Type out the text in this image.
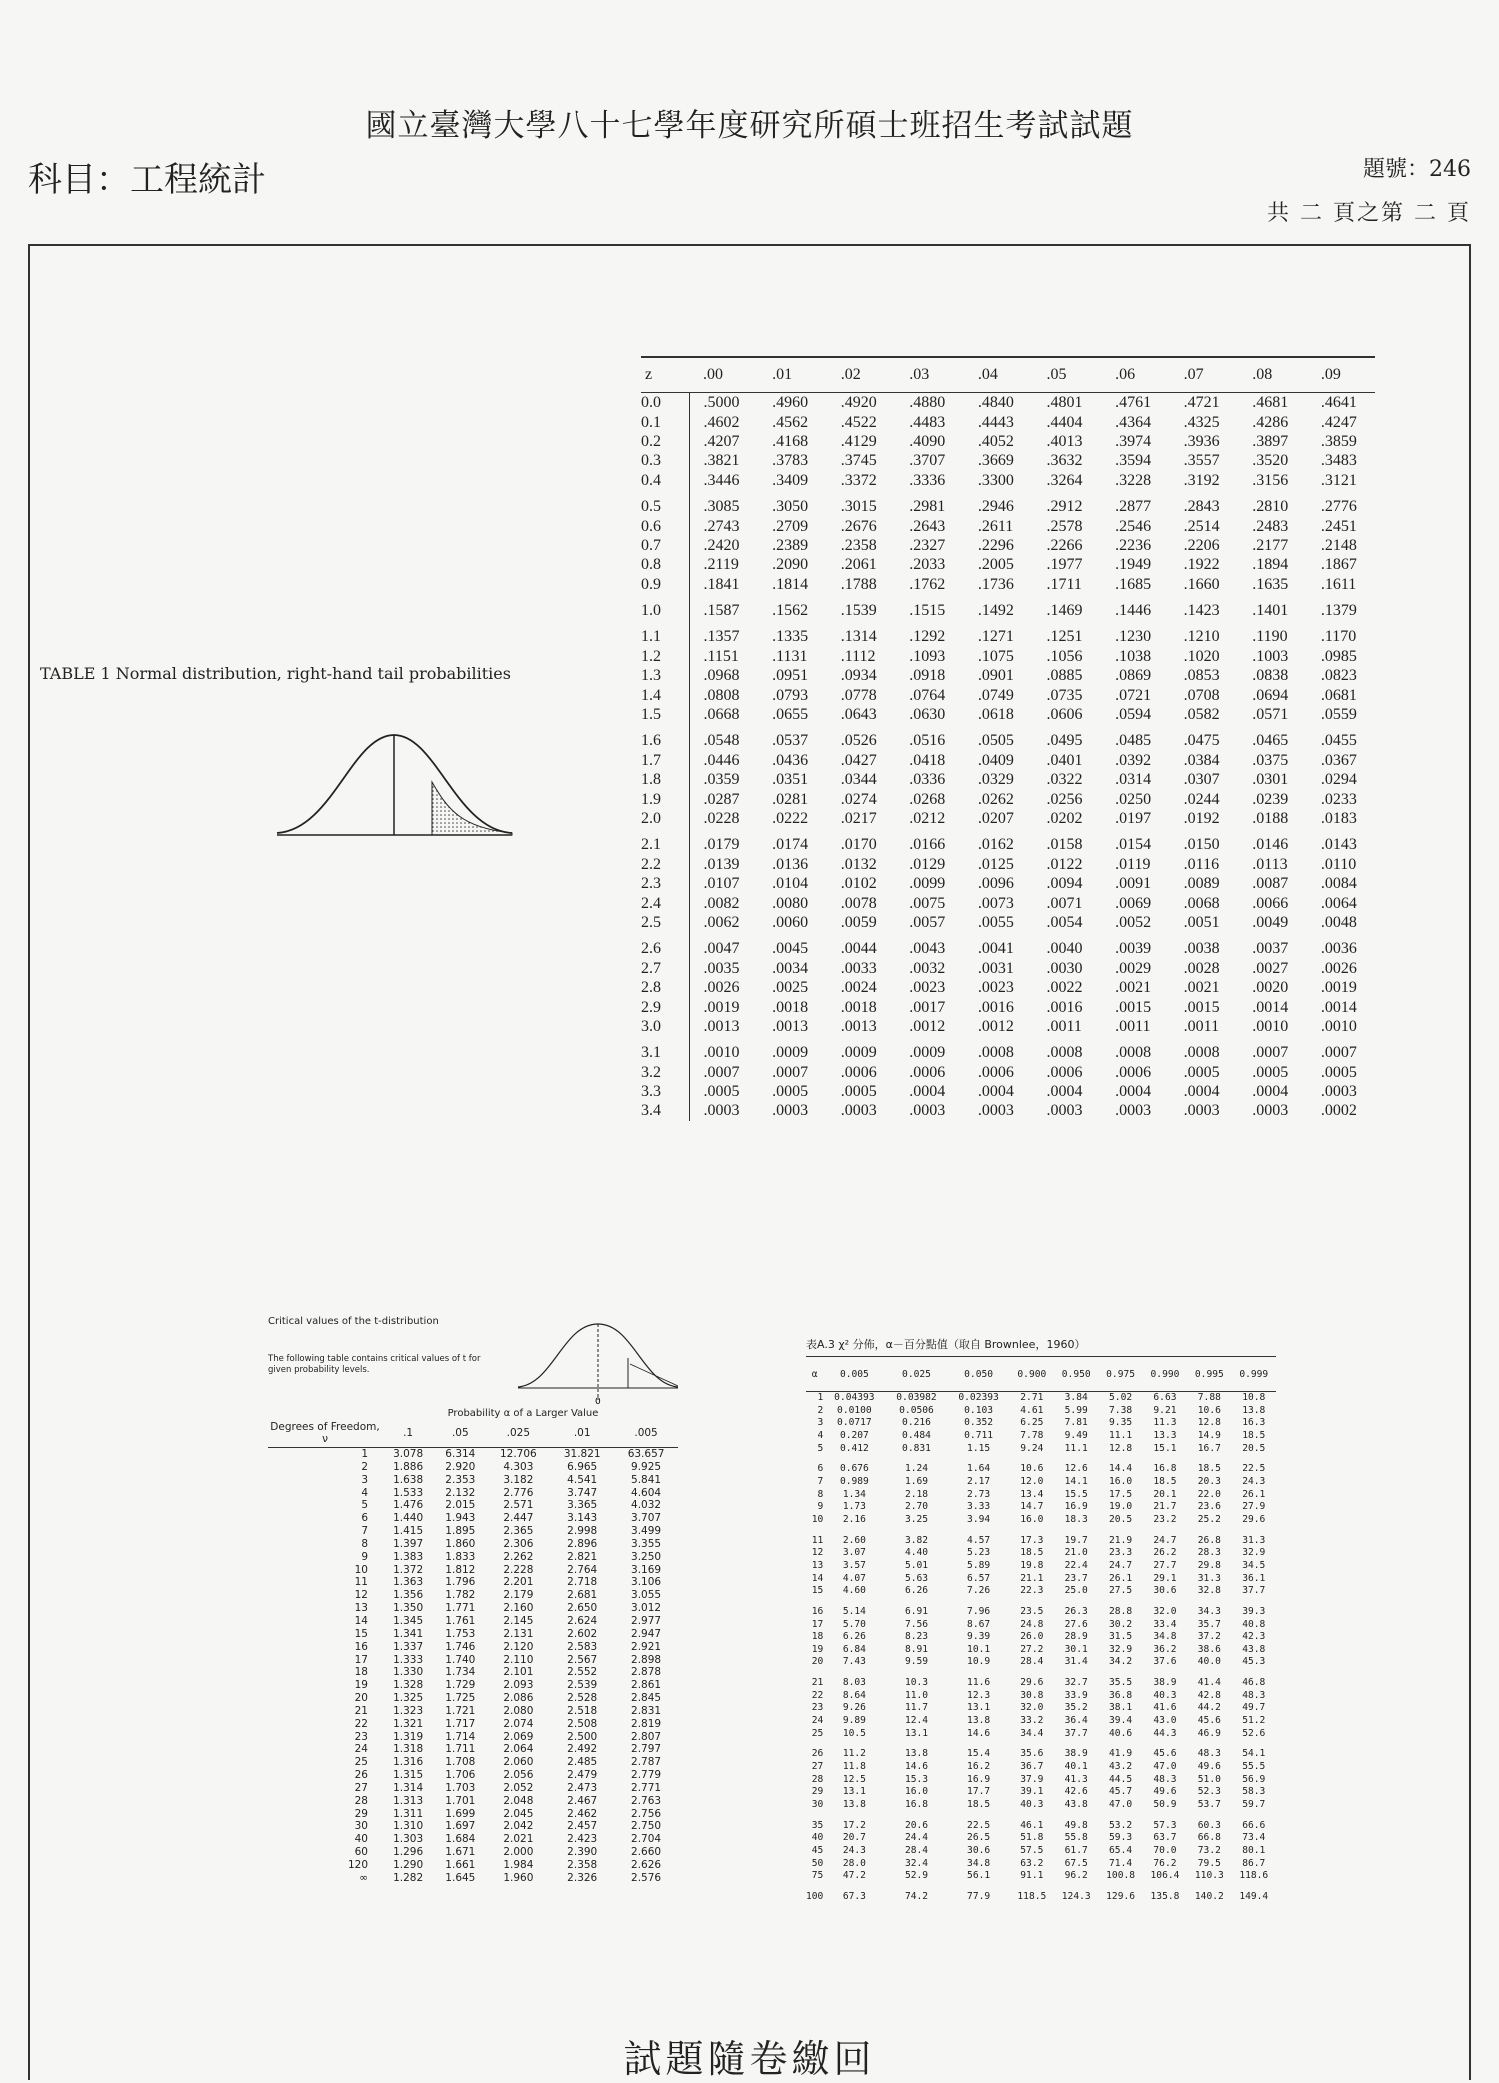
國立臺灣大學八十七學年度研究所碩士班招生考試試題
科目：工程統計	題號：246
共 二 頁之第 二 頁
TABLE 1 Normal distribution, right-hand tail probabilities
z	.00	.01	.02	.03	.04	.05	.06	.07	.08	.09
0.0	.5000	.4960	.4920	.4880	.4840	.4801	.4761	.4721	.4681	.4641
0.1	.4602	.4562	.4522	.4483	.4443	.4404	.4364	.4325	.4286	.4247
0.2	.4207	.4168	.4129	.4090	.4052	.4013	.3974	.3936	.3897	.3859
0.3	.3821	.3783	.3745	.3707	.3669	.3632	.3594	.3557	.3520	.3483
0.4	.3446	.3409	.3372	.3336	.3300	.3264	.3228	.3192	.3156	.3121
0.5	.3085	.3050	.3015	.2981	.2946	.2912	.2877	.2843	.2810	.2776
0.6	.2743	.2709	.2676	.2643	.2611	.2578	.2546	.2514	.2483	.2451
0.7	.2420	.2389	.2358	.2327	.2296	.2266	.2236	.2206	.2177	.2148
0.8	.2119	.2090	.2061	.2033	.2005	.1977	.1949	.1922	.1894	.1867
0.9	.1841	.1814	.1788	.1762	.1736	.1711	.1685	.1660	.1635	.1611
1.0	.1587	.1562	.1539	.1515	.1492	.1469	.1446	.1423	.1401	.1379
1.1	.1357	.1335	.1314	.1292	.1271	.1251	.1230	.1210	.1190	.1170
1.2	.1151	.1131	.1112	.1093	.1075	.1056	.1038	.1020	.1003	.0985
1.3	.0968	.0951	.0934	.0918	.0901	.0885	.0869	.0853	.0838	.0823
1.4	.0808	.0793	.0778	.0764	.0749	.0735	.0721	.0708	.0694	.0681
1.5	.0668	.0655	.0643	.0630	.0618	.0606	.0594	.0582	.0571	.0559
1.6	.0548	.0537	.0526	.0516	.0505	.0495	.0485	.0475	.0465	.0455
1.7	.0446	.0436	.0427	.0418	.0409	.0401	.0392	.0384	.0375	.0367
1.8	.0359	.0351	.0344	.0336	.0329	.0322	.0314	.0307	.0301	.0294
1.9	.0287	.0281	.0274	.0268	.0262	.0256	.0250	.0244	.0239	.0233
2.0	.0228	.0222	.0217	.0212	.0207	.0202	.0197	.0192	.0188	.0183
2.1	.0179	.0174	.0170	.0166	.0162	.0158	.0154	.0150	.0146	.0143
2.2	.0139	.0136	.0132	.0129	.0125	.0122	.0119	.0116	.0113	.0110
2.3	.0107	.0104	.0102	.0099	.0096	.0094	.0091	.0089	.0087	.0084
2.4	.0082	.0080	.0078	.0075	.0073	.0071	.0069	.0068	.0066	.0064
2.5	.0062	.0060	.0059	.0057	.0055	.0054	.0052	.0051	.0049	.0048
2.6	.0047	.0045	.0044	.0043	.0041	.0040	.0039	.0038	.0037	.0036
2.7	.0035	.0034	.0033	.0032	.0031	.0030	.0029	.0028	.0027	.0026
2.8	.0026	.0025	.0024	.0023	.0023	.0022	.0021	.0021	.0020	.0019
2.9	.0019	.0018	.0018	.0017	.0016	.0016	.0015	.0015	.0014	.0014
3.0	.0013	.0013	.0013	.0012	.0012	.0011	.0011	.0011	.0010	.0010
3.1	.0010	.0009	.0009	.0009	.0008	.0008	.0008	.0008	.0007	.0007
3.2	.0007	.0007	.0006	.0006	.0006	.0006	.0006	.0005	.0005	.0005
3.3	.0005	.0005	.0005	.0004	.0004	.0004	.0004	.0004	.0004	.0003
3.4	.0003	.0003	.0003	.0003	.0003	.0003	.0003	.0003	.0003	.0002
Critical values of the t-distribution
The following table contains critical values of t for given probability levels.
0
Probability α of a Larger Value
Degrees of Freedom, ν	.1	.05	.025	.01	.005
1	3.078	6.314	12.706	31.821	63.657
2	1.886	2.920	4.303	6.965	9.925
3	1.638	2.353	3.182	4.541	5.841
4	1.533	2.132	2.776	3.747	4.604
5	1.476	2.015	2.571	3.365	4.032
6	1.440	1.943	2.447	3.143	3.707
7	1.415	1.895	2.365	2.998	3.499
8	1.397	1.860	2.306	2.896	3.355
9	1.383	1.833	2.262	2.821	3.250
10	1.372	1.812	2.228	2.764	3.169
11	1.363	1.796	2.201	2.718	3.106
12	1.356	1.782	2.179	2.681	3.055
13	1.350	1.771	2.160	2.650	3.012
14	1.345	1.761	2.145	2.624	2.977
15	1.341	1.753	2.131	2.602	2.947
16	1.337	1.746	2.120	2.583	2.921
17	1.333	1.740	2.110	2.567	2.898
18	1.330	1.734	2.101	2.552	2.878
19	1.328	1.729	2.093	2.539	2.861
20	1.325	1.725	2.086	2.528	2.845
21	1.323	1.721	2.080	2.518	2.831
22	1.321	1.717	2.074	2.508	2.819
23	1.319	1.714	2.069	2.500	2.807
24	1.318	1.711	2.064	2.492	2.797
25	1.316	1.708	2.060	2.485	2.787
26	1.315	1.706	2.056	2.479	2.779
27	1.314	1.703	2.052	2.473	2.771
28	1.313	1.701	2.048	2.467	2.763
29	1.311	1.699	2.045	2.462	2.756
30	1.310	1.697	2.042	2.457	2.750
40	1.303	1.684	2.021	2.423	2.704
60	1.296	1.671	2.000	2.390	2.660
120	1.290	1.661	1.984	2.358	2.626
∞	1.282	1.645	1.960	2.326	2.576
表A.3 χ² 分佈，α－百分點值（取自 Brownlee，1960）
α	0.005	0.025	0.050	0.900	0.950	0.975	0.990	0.995	0.999
1	0.04393	0.03982	0.02393	2.71	3.84	5.02	6.63	7.88	10.8
2	0.0100	0.0506	0.103	4.61	5.99	7.38	9.21	10.6	13.8
3	0.0717	0.216	0.352	6.25	7.81	9.35	11.3	12.8	16.3
4	0.207	0.484	0.711	7.78	9.49	11.1	13.3	14.9	18.5
5	0.412	0.831	1.15	9.24	11.1	12.8	15.1	16.7	20.5
6	0.676	1.24	1.64	10.6	12.6	14.4	16.8	18.5	22.5
7	0.989	1.69	2.17	12.0	14.1	16.0	18.5	20.3	24.3
8	1.34	2.18	2.73	13.4	15.5	17.5	20.1	22.0	26.1
9	1.73	2.70	3.33	14.7	16.9	19.0	21.7	23.6	27.9
10	2.16	3.25	3.94	16.0	18.3	20.5	23.2	25.2	29.6
11	2.60	3.82	4.57	17.3	19.7	21.9	24.7	26.8	31.3
12	3.07	4.40	5.23	18.5	21.0	23.3	26.2	28.3	32.9
13	3.57	5.01	5.89	19.8	22.4	24.7	27.7	29.8	34.5
14	4.07	5.63	6.57	21.1	23.7	26.1	29.1	31.3	36.1
15	4.60	6.26	7.26	22.3	25.0	27.5	30.6	32.8	37.7
16	5.14	6.91	7.96	23.5	26.3	28.8	32.0	34.3	39.3
17	5.70	7.56	8.67	24.8	27.6	30.2	33.4	35.7	40.8
18	6.26	8.23	9.39	26.0	28.9	31.5	34.8	37.2	42.3
19	6.84	8.91	10.1	27.2	30.1	32.9	36.2	38.6	43.8
20	7.43	9.59	10.9	28.4	31.4	34.2	37.6	40.0	45.3
21	8.03	10.3	11.6	29.6	32.7	35.5	38.9	41.4	46.8
22	8.64	11.0	12.3	30.8	33.9	36.8	40.3	42.8	48.3
23	9.26	11.7	13.1	32.0	35.2	38.1	41.6	44.2	49.7
24	9.89	12.4	13.8	33.2	36.4	39.4	43.0	45.6	51.2
25	10.5	13.1	14.6	34.4	37.7	40.6	44.3	46.9	52.6
26	11.2	13.8	15.4	35.6	38.9	41.9	45.6	48.3	54.1
27	11.8	14.6	16.2	36.7	40.1	43.2	47.0	49.6	55.5
28	12.5	15.3	16.9	37.9	41.3	44.5	48.3	51.0	56.9
29	13.1	16.0	17.7	39.1	42.6	45.7	49.6	52.3	58.3
30	13.8	16.8	18.5	40.3	43.8	47.0	50.9	53.7	59.7
35	17.2	20.6	22.5	46.1	49.8	53.2	57.3	60.3	66.6
40	20.7	24.4	26.5	51.8	55.8	59.3	63.7	66.8	73.4
45	24.3	28.4	30.6	57.5	61.7	65.4	70.0	73.2	80.1
50	28.0	32.4	34.8	63.2	67.5	71.4	76.2	79.5	86.7
75	47.2	52.9	56.1	91.1	96.2	100.8	106.4	110.3	118.6
100	67.3	74.2	77.9	118.5	124.3	129.6	135.8	140.2	149.4
試題隨卷繳回
